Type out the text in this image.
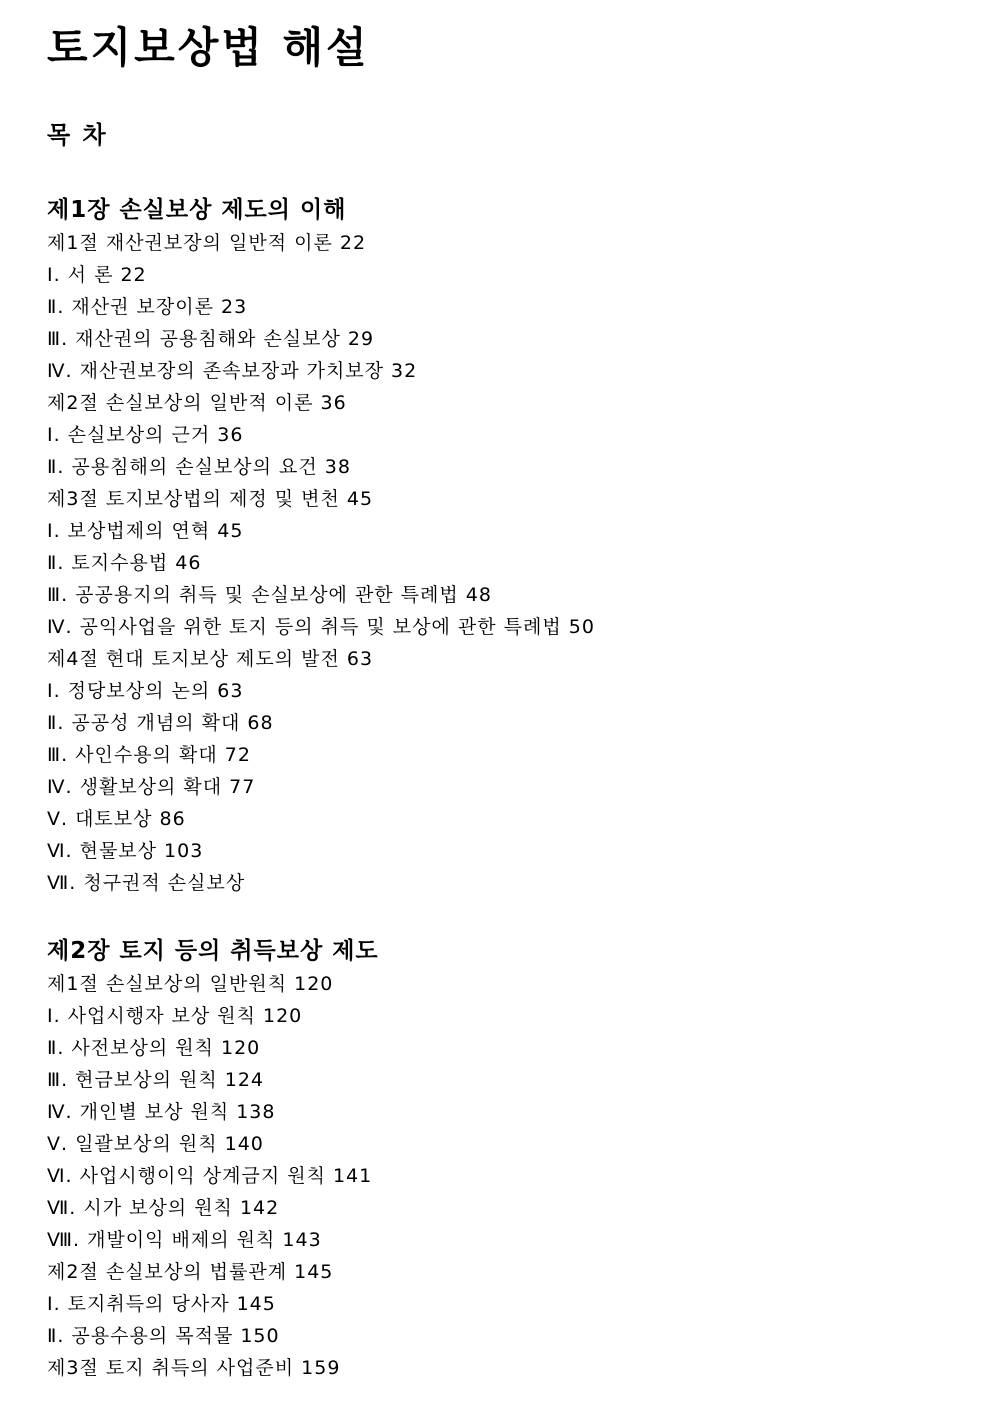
토지보상법 해설
목 차
제1장 손실보상 제도의 이해
제1절 재산권보장의 일반적 이론 22
Ⅰ. 서 론 22
Ⅱ. 재산권 보장이론 23
Ⅲ. 재산권의 공용침해와 손실보상 29
Ⅳ. 재산권보장의 존속보장과 가치보장 32
제2절 손실보상의 일반적 이론 36
Ⅰ. 손실보상의 근거 36
Ⅱ. 공용침해의 손실보상의 요건 38
제3절 토지보상법의 제정 및 변천 45
Ⅰ. 보상법제의 연혁 45
Ⅱ. 토지수용법 46
Ⅲ. 공공용지의 취득 및 손실보상에 관한 특례법 48
Ⅳ. 공익사업을 위한 토지 등의 취득 및 보상에 관한 특례법 50
제4절 현대 토지보상 제도의 발전 63
Ⅰ. 정당보상의 논의 63
Ⅱ. 공공성 개념의 확대 68
Ⅲ. 사인수용의 확대 72
Ⅳ. 생활보상의 확대 77
Ⅴ. 대토보상 86
Ⅵ. 현물보상 103
Ⅶ. 청구권적 손실보상
제2장 토지 등의 취득보상 제도
제1절 손실보상의 일반원칙 120
Ⅰ. 사업시행자 보상 원칙 120
Ⅱ. 사전보상의 원칙 120
Ⅲ. 현금보상의 원칙 124
Ⅳ. 개인별 보상 원칙 138
Ⅴ. 일괄보상의 원칙 140
Ⅵ. 사업시행이익 상계금지 원칙 141
Ⅶ. 시가 보상의 원칙 142
Ⅷ. 개발이익 배제의 원칙 143
제2절 손실보상의 법률관계 145
Ⅰ. 토지취득의 당사자 145
Ⅱ. 공용수용의 목적물 150
제3절 토지 취득의 사업준비 159
